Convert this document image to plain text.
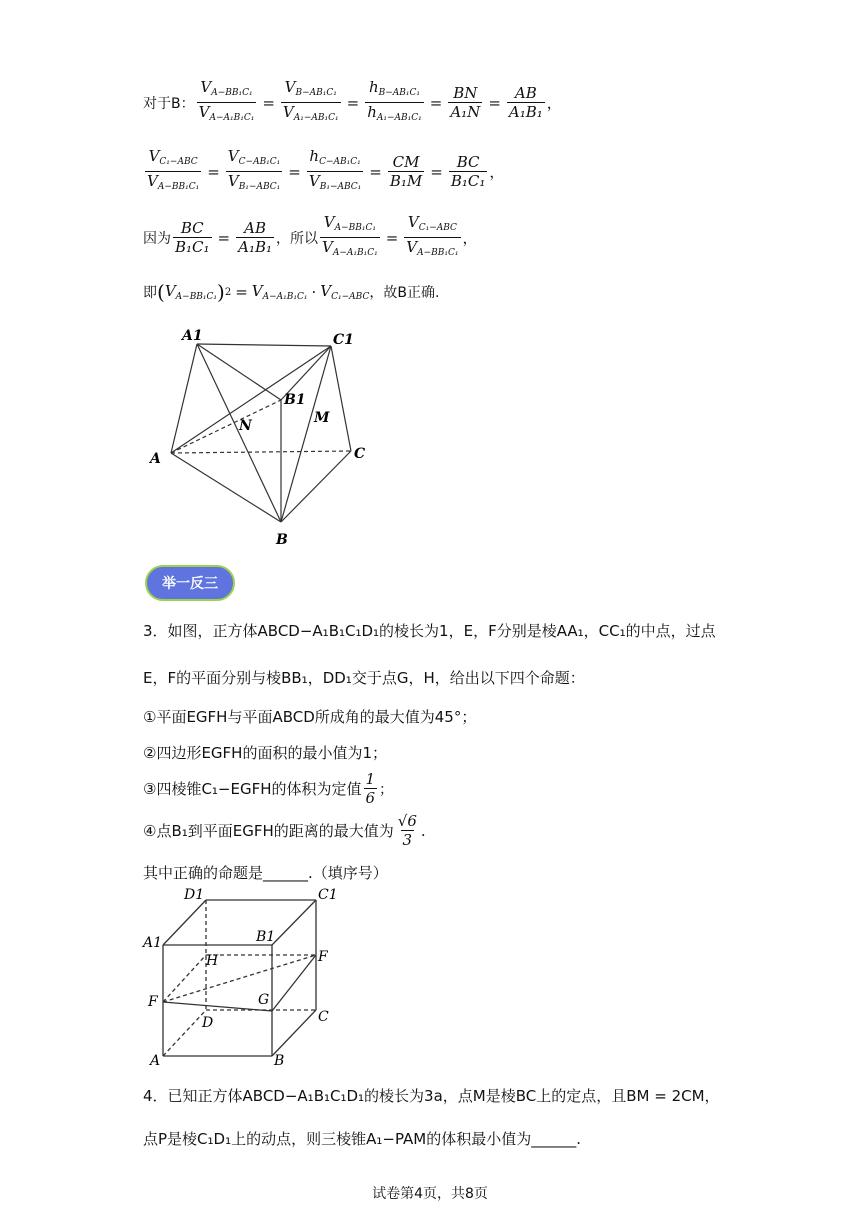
对于B： $\frac{V_{A-BB_1C_1}}{V_{A-A_1B_1C_1}} = \frac{V_{B-AB_1C_1}}{V_{A_1-AB_1C_1}} = \frac{h_{B-AB_1C_1}}{h_{A_1-AB_1C_1}} = \frac{BN}{\text{A₁N}} = \frac{AB}{\text{A₁B₁}}$ ，
$\frac{V_{C_1-ABC}}{V_{A-BB_1C_1}} = \frac{V_{C-AB_1C_1}}{V_{B_1-ABC_1}} = \frac{h_{C-AB_1C_1}}{V_{B_1-ABC_1}} = \frac{CM}{\text{B₁M}} = \frac{BC}{\text{B₁C₁}}$ ，
因为 $\frac{BC}{\text{B₁C₁}} = \frac{AB}{\text{A₁B₁}}$ ，所以 $\frac{V_{A-BB_1C_1}}{V_{A-A_1B_1C_1}} = \frac{V_{C_1-ABC}}{V_{A-BB_1C_1}}$ ，
即 ( $V_{A-BB_1C_1}$ ) $2 = V_{A-A_1B_1C_1} \cdot V_{C_1-ABC}$ ，故B正确.
A1	C1
B1
M
N
A	C
B
举一反三
3．如图，正方体ABCD−A₁B₁C₁D₁的棱长为1，E，F分别是棱AA₁，CC₁的中点，过点
E，F的平面分别与棱BB₁，DD₁交于点G，H，给出以下四个命题：
①平面EGFH与平面ABCD所成角的最大值为45°；
②四边形EGFH的面积的最小值为1；
③四棱锥C₁−EGFH的体积为定值 $\frac{1}{6}$ ；
④点B₁到平面EGFH的距离的最大值为 $\frac{√6}{3}$ .
其中正确的命题是______.（填序号）
D1	C1
A1	B1
H	F
F	G
D	C
A	B
4．已知正方体ABCD−A₁B₁C₁D₁的棱长为3a，点M是棱BC上的定点，且BM = 2CM，
点P是棱C₁D₁上的动点，则三棱锥A₁−PAM的体积最小值为______.
试卷第4页，共8页
